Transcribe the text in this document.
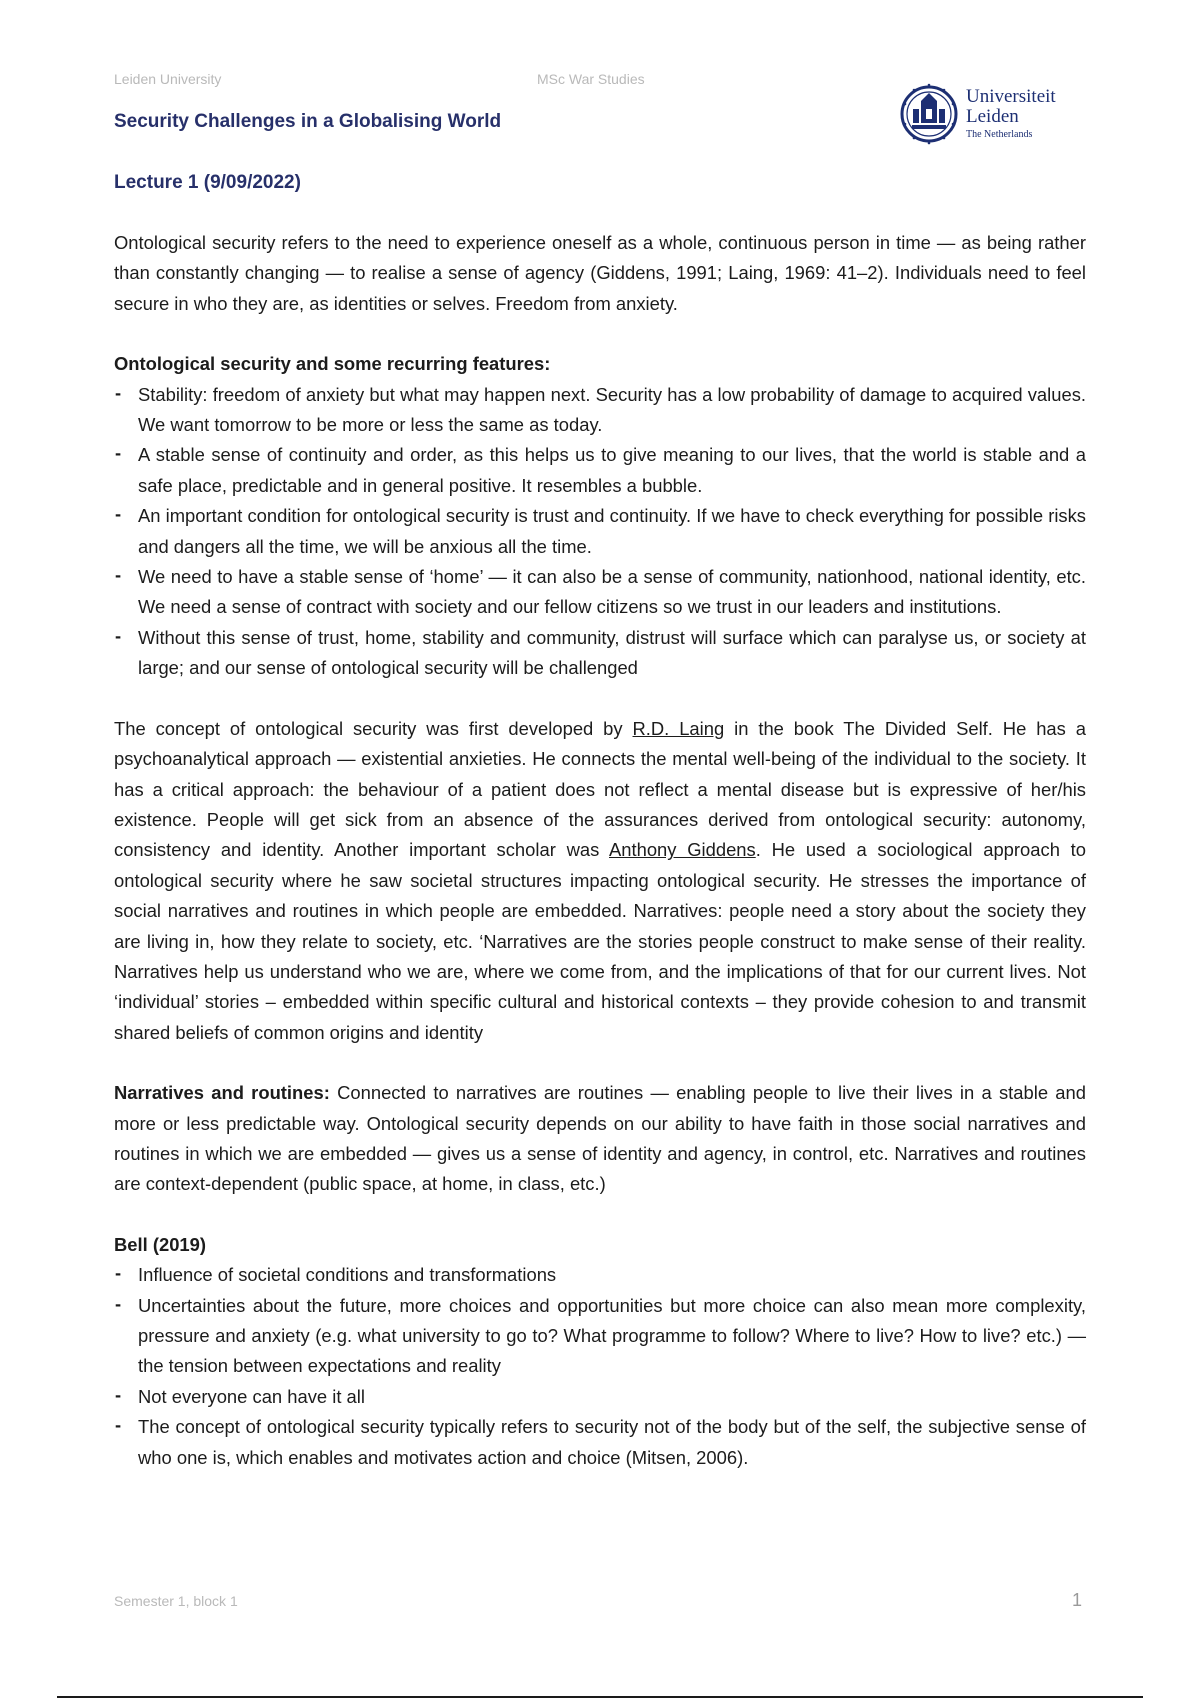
Leiden University	MSc War Studies
Security Challenges in a Globalising World
Universiteit
Leiden
The Netherlands
Lecture 1 (9/09/2022)

Ontological security refers to the need to experience oneself as a whole, continuous person in time — as being rather than constantly changing — to realise a sense of agency (Giddens, 1991; Laing, 1969: 41–2). Individuals need to feel secure in who they are, as identities or selves. Freedom from anxiety.

Ontological security and some recurring features:
- Stability: freedom of anxiety but what may happen next. Security has a low probability of damage to acquired values. We want tomorrow to be more or less the same as today.
- A stable sense of continuity and order, as this helps us to give meaning to our lives, that the world is stable and a safe place, predictable and in general positive. It resembles a bubble.
- An important condition for ontological security is trust and continuity. If we have to check everything for possible risks and dangers all the time, we will be anxious all the time.
- We need to have a stable sense of ‘home’ — it can also be a sense of community, nationhood, national identity, etc. We need a sense of contract with society and our fellow citizens so we trust in our leaders and institutions.
- Without this sense of trust, home, stability and community, distrust will surface which can paralyse us, or society at large; and our sense of ontological security will be challenged

The concept of ontological security was first developed by R.D. Laing in the book The Divided Self. He has a psychoanalytical approach — existential anxieties. He connects the mental well-being of the individual to the society. It has a critical approach: the behaviour of a patient does not reflect a mental disease but is expressive of her/his existence. People will get sick from an absence of the assurances derived from ontological security: autonomy, consistency and identity. Another important scholar was Anthony Giddens. He used a sociological approach to ontological security where he saw societal structures impacting ontological security. He stresses the importance of social narratives and routines in which people are embedded. Narratives: people need a story about the society they are living in, how they relate to society, etc. ‘Narratives are the stories people construct to make sense of their reality. Narratives help us understand who we are, where we come from, and the implications of that for our current lives. Not ‘individual’ stories – embedded within specific cultural and historical contexts – they provide cohesion to and transmit shared beliefs of common origins and identity

Narratives and routines: Connected to narratives are routines — enabling people to live their lives in a stable and more or less predictable way. Ontological security depends on our ability to have faith in those social narratives and routines in which we are embedded — gives us a sense of identity and agency, in control, etc. Narratives and routines are context-dependent (public space, at home, in class, etc.)

Bell (2019)
- Influence of societal conditions and transformations
- Uncertainties about the future, more choices and opportunities but more choice can also mean more complexity, pressure and anxiety (e.g. what university to go to? What programme to follow? Where to live? How to live? etc.) — the tension between expectations and reality
- Not everyone can have it all
- The concept of ontological security typically refers to security not of the body but of the self, the subjective sense of who one is, which enables and motivates action and choice (Mitsen, 2006).
Semester 1, block 1	1
